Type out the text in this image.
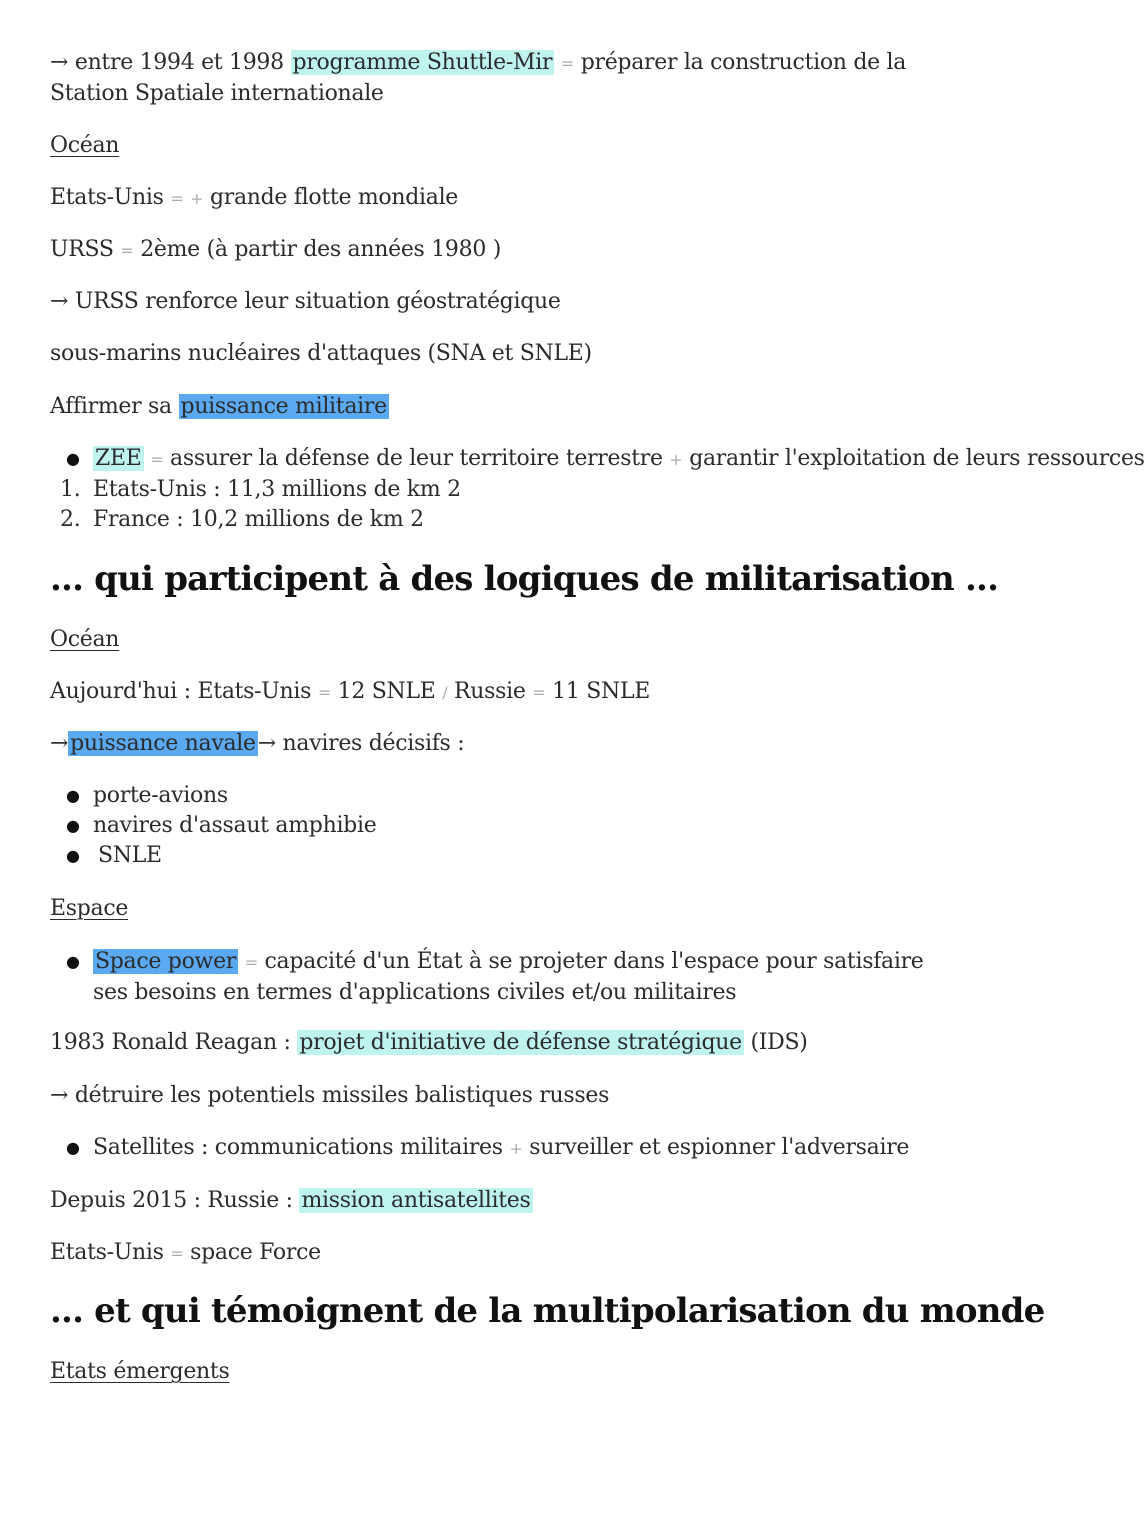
→ entre 1994 et 1998 programme Shuttle-Mir = préparer la construction de la Station Spatiale internationale
Océan
Etats-Unis = + grande flotte mondiale
URSS = 2ème (à partir des années 1980 )
→ URSS renforce leur situation géostratégique
sous-marins nucléaires d'attaques (SNA et SNLE)
Affirmer sa puissance militaire
● ZEE = assurer la défense de leur territoire terrestre + garantir l'exploitation de leurs ressources
1. Etats-Unis : 11,3 millions de km 2
2. France : 10,2 millions de km 2
... qui participent à des logiques de militarisation ...
Océan
Aujourd'hui : Etats-Unis = 12 SNLE / Russie = 11 SNLE
→puissance navale→ navires décisifs :
● porte-avions
● navires d'assaut amphibie
● SNLE
Espace
● Space power = capacité d'un État à se projeter dans l'espace pour satisfaire ses besoins en termes d'applications civiles et/ou militaires
1983 Ronald Reagan : projet d'initiative de défense stratégique (IDS)
→ détruire les potentiels missiles balistiques russes
● Satellites : communications militaires + surveiller et espionner l'adversaire
Depuis 2015 : Russie : mission antisatellites
Etats-Unis = space Force
... et qui témoignent de la multipolarisation du monde
Etats émergents
